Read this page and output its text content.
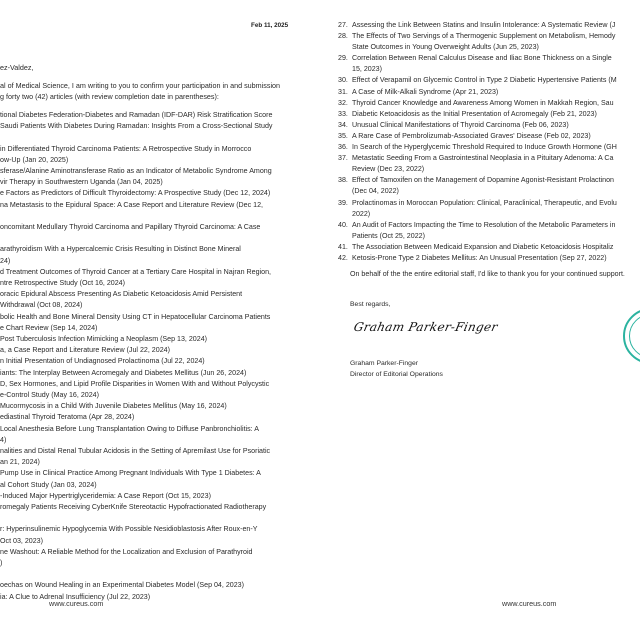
Feb 11, 2025
ez-Valdez,
al of Medical Science, I am writing to you to confirm your participation in and submission
g forty two (42) articles (with review completion date in parentheses):
tional Diabetes Federation-Diabetes and Ramadan (IDF-DAR) Risk Stratification Score
Saudi Patients With Diabetes During Ramadan: Insights From a Cross-Sectional Study
in Differentiated Thyroid Carcinoma Patients: A Retrospective Study in Morrocco
ow-Up (Jan 20, 2025)
sferase/Alanine Aminotransferase Ratio as an Indicator of Metabolic Syndrome Among
vir Therapy in Southwestern Uganda (Jan 04, 2025)
e Factors as Predictors of Difficult Thyroidectomy: A Prospective Study (Dec 12, 2024)
na Metastasis to the Epidural Space: A Case Report and Literature Review (Dec 12,
oncomitant Medullary Thyroid Carcinoma and Papillary Thyroid Carcinoma: A Case
arathyroidism With a Hypercalcemic Crisis Resulting in Distinct Bone Mineral
24)
d Treatment Outcomes of Thyroid Cancer at a Tertiary Care Hospital in Najran Region,
ntre Retrospective Study (Oct 16, 2024)
oracic Epidural Abscess Presenting As Diabetic Ketoacidosis Amid Persistent
Withdrawal (Oct 08, 2024)
bolic Health and Bone Mineral Density Using CT in Hepatocellular Carcinoma Patients
e Chart Review (Sep 14, 2024)
Post Tuberculosis Infection Mimicking a Neoplasm (Sep 13, 2024)
a, a Case Report and Literature Review (Jul 22, 2024)
n Initial Presentation of Undiagnosed Prolactinoma (Jul 22, 2024)
iants: The Interplay Between Acromegaly and Diabetes Mellitus (Jun 26, 2024)
D, Sex Hormones, and Lipid Profile Disparities in Women With and Without Polycystic
e-Control Study (May 16, 2024)
Mucormycosis in a Child With Juvenile Diabetes Mellitus (May 16, 2024)
ediastinal Thyroid Teratoma (Apr 28, 2024)
Local Anesthesia Before Lung Transplantation Owing to Diffuse Panbronchiolitis: A
4)
nalities and Distal Renal Tubular Acidosis in the Setting of Apremilast Use for Psoriatic
an 21, 2024)
Pump Use in Clinical Practice Among Pregnant Individuals With Type 1 Diabetes: A
al Cohort Study (Jan 03, 2024)
-Induced Major Hypertriglyceridemia: A Case Report (Oct 15, 2023)
romegaly Patients Receiving CyberKnife Stereotactic Hypofractionated Radiotherapy
r: Hyperinsulinemic Hypoglycemia With Possible Nesidioblastosis After Roux-en-Y
Oct 03, 2023)
ne Washout: A Reliable Method for the Localization and Exclusion of Parathyroid
)
oechas on Wound Healing in an Experimental Diabetes Model (Sep 04, 2023)
ia: A Clue to Adrenal Insufficiency (Jul 22, 2023)
www.cureus.com
27. Assessing the Link Between Statins and Insulin Intolerance: A Systematic Review (J
28. The Effects of Two Servings of a Thermogenic Supplement on Metabolism, Hemody
State Outcomes in Young Overweight Adults (Jun 25, 2023)
29. Correlation Between Renal Calculus Disease and Iliac Bone Thickness on a Single
15, 2023)
30. Effect of Verapamil on Glycemic Control in Type 2 Diabetic Hypertensive Patients (M
31. A Case of Milk-Alkali Syndrome (Apr 21, 2023)
32. Thyroid Cancer Knowledge and Awareness Among Women in Makkah Region, Sau
33. Diabetic Ketoacidosis as the Initial Presentation of Acromegaly (Feb 21, 2023)
34. Unusual Clinical Manifestations of Thyroid Carcinoma (Feb 06, 2023)
35. A Rare Case of Pembrolizumab-Associated Graves' Disease (Feb 02, 2023)
36. In Search of the Hyperglycemic Threshold Required to Induce Growth Hormone (GH
37. Metastatic Seeding From a Gastrointestinal Neoplasia in a Pituitary Adenoma: A Ca
Review (Dec 23, 2022)
38. Effect of Tamoxifen on the Management of Dopamine Agonist-Resistant Prolactinon
(Dec 04, 2022)
39. Prolactinomas in Moroccan Population: Clinical, Paraclinical, Therapeutic, and Evolu
2022)
40. An Audit of Factors Impacting the Time to Resolution of the Metabolic Parameters in
Patients (Oct 25, 2022)
41. The Association Between Medicaid Expansion and Diabetic Ketoacidosis Hospitaliz
42. Ketosis-Prone Type 2 Diabetes Mellitus: An Unusual Presentation (Sep 27, 2022)
On behalf of the the entire editorial staff, I'd like to thank you for your continued support.
Best regards,
Graham Parker-Finger
Graham Parker-Finger
Director of Editorial Operations
www.cureus.com
